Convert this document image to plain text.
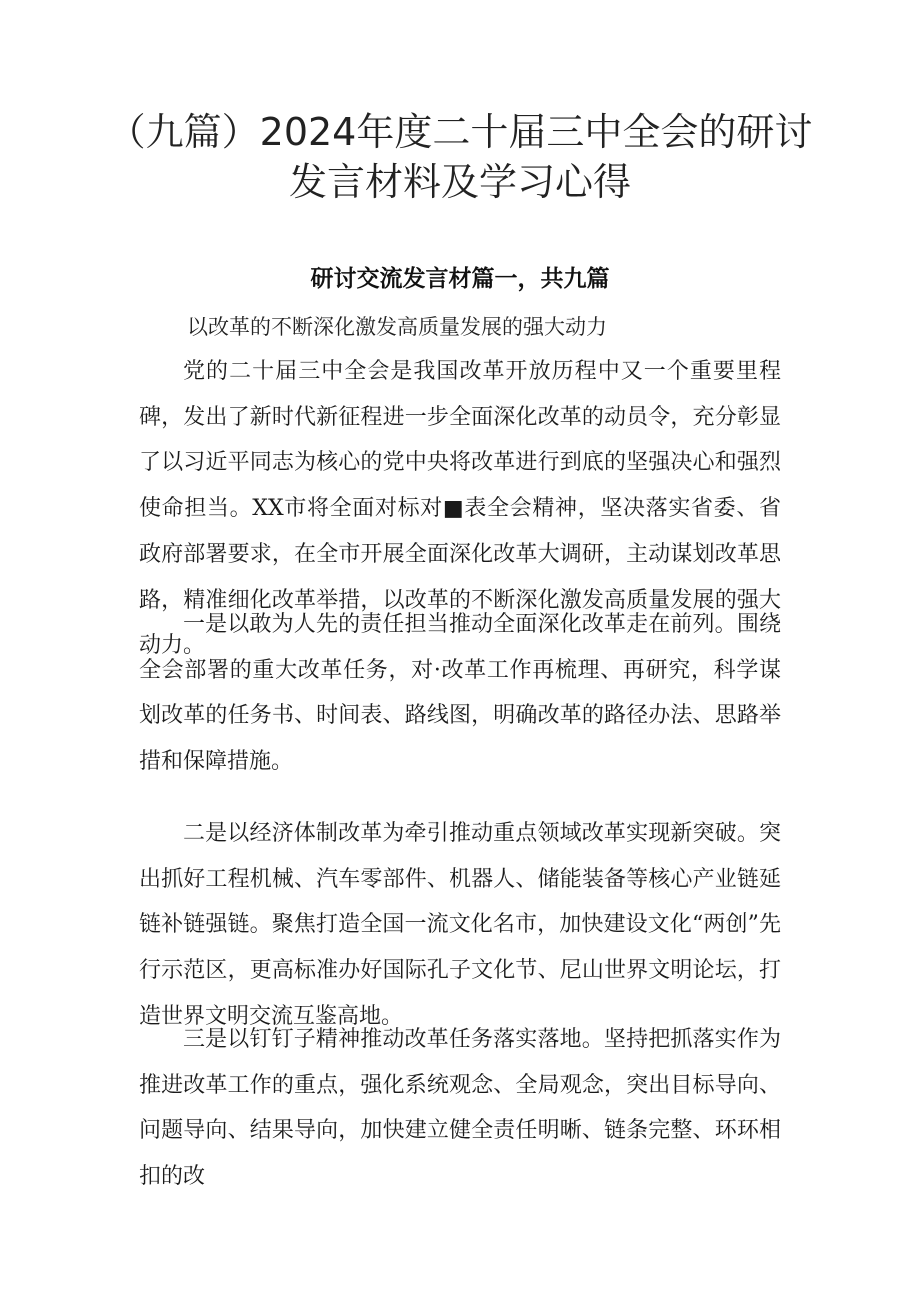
（九篇）2024年度二十届三中全会的研讨
发言材料及学习心得
研讨交流发言材篇一，共九篇
以改革的不断深化激发高质量发展的强大动力

党的二十届三中全会是我国改革开放历程中又一个重要里程碑，发出了新时代新征程进一步全面深化改革的动员令，充分彰显了以习近平同志为核心的党中央将改革进行到底的坚强决心和强烈使命担当。XX市将全面对标对■表全会精神，坚决落实省委、省政府部署要求，在全市开展全面深化改革大调研，主动谋划改革思路，精准细化改革举措，以改革的不断深化激发高质量发展的强大动力。

一是以敢为人先的责任担当推动全面深化改革走在前列。围绕全会部署的重大改革任务，对·改革工作再梳理、再研究，科学谋划改革的任务书、时间表、路线图，明确改革的路径办法、思路举措和保障措施。

二是以经济体制改革为牵引推动重点领域改革实现新突破。突出抓好工程机械、汽车零部件、机器人、储能装备等核心产业链延链补链强链。聚焦打造全国一流文化名市，加快建设文化“两创”先行示范区，更高标准办好国际孔子文化节、尼山世界文明论坛，打造世界文明交流互鉴高地。

三是以钉钉子精神推动改革任务落实落地。坚持把抓落实作为推进改革工作的重点，强化系统观念、全局观念，突出目标导向、问题导向、结果导向，加快建立健全责任明晰、链条完整、环环相扣的改
